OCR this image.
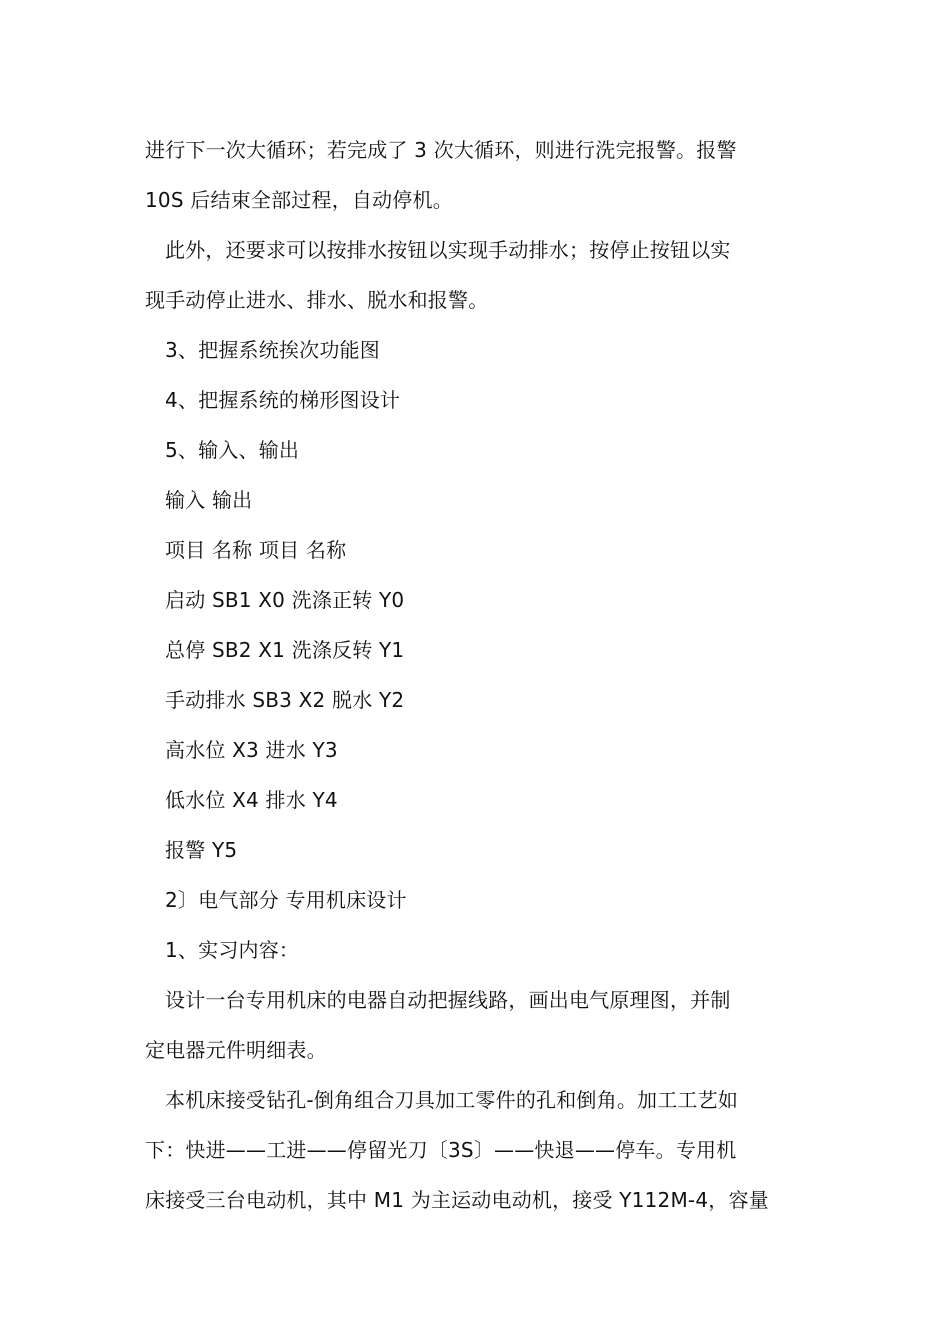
进行下一次大循环；若完成了 3 次大循环，则进行洗完报警。报警
10S 后结束全部过程，自动停机。
此外，还要求可以按排水按钮以实现手动排水；按停止按钮以实
现手动停止进水、排水、脱水和报警。
3、把握系统挨次功能图
4、把握系统的梯形图设计
5、输入、输出
输入 输出
项目 名称 项目 名称
启动 SB1 X0 洗涤正转 Y0
总停 SB2 X1 洗涤反转 Y1
手动排水 SB3 X2 脱水 Y2
高水位 X3 进水 Y3
低水位 X4 排水 Y4
报警 Y5
2〕电气部分 专用机床设计
1、实习内容：
设计一台专用机床的电器自动把握线路，画出电气原理图，并制
定电器元件明细表。
本机床接受钻孔-倒角组合刀具加工零件的孔和倒角。加工工艺如
下：快进——工进——停留光刀〔3S〕——快退——停车。专用机
床接受三台电动机，其中 M1 为主运动电动机，接受 Y112M-4，容量
